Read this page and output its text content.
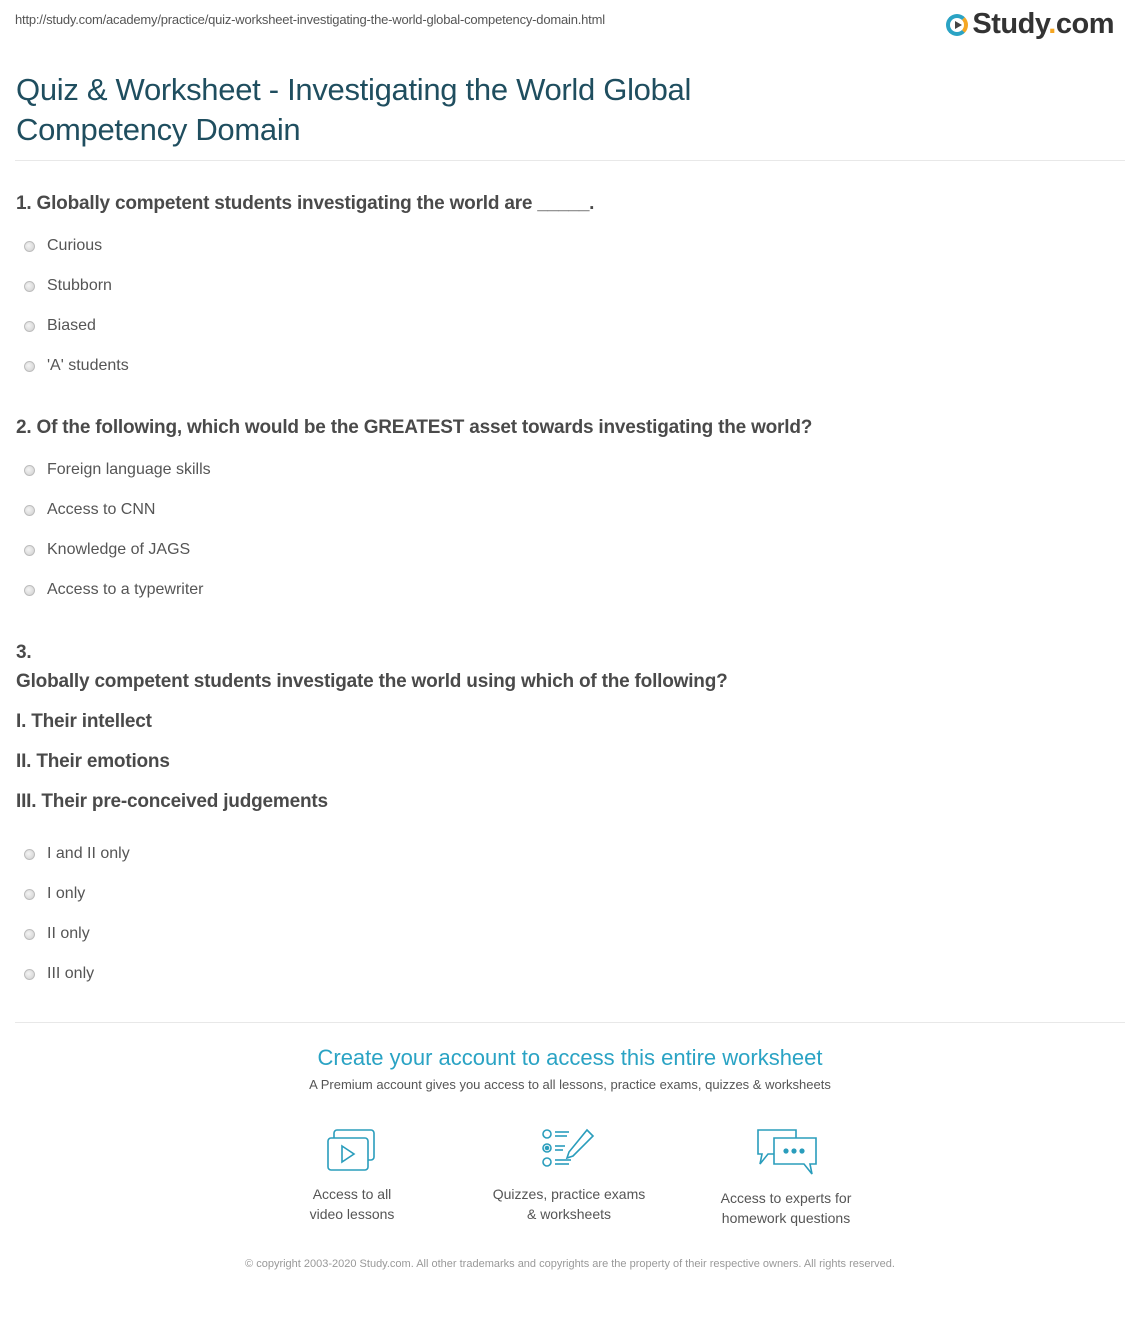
http://study.com/academy/practice/quiz-worksheet-investigating-the-world-global-competency-domain.html	Study.com
Quiz & Worksheet - Investigating the World Global Competency Domain
1. Globally competent students investigating the world are _____.
Curious
Stubborn
Biased
'A' students
2. Of the following, which would be the GREATEST asset towards investigating the world?
Foreign language skills
Access to CNN
Knowledge of JAGS
Access to a typewriter
3.
Globally competent students investigate the world using which of the following?
I. Their intellect
II. Their emotions
III. Their pre-conceived judgements
I and II only
I only
II only
III only
Create your account to access this entire worksheet
A Premium account gives you access to all lessons, practice exams, quizzes & worksheets
Access to all
video lessons
Quizzes, practice exams
& worksheets
Access to experts for
homework questions
© copyright 2003-2020 Study.com. All other trademarks and copyrights are the property of their respective owners. All rights reserved.
